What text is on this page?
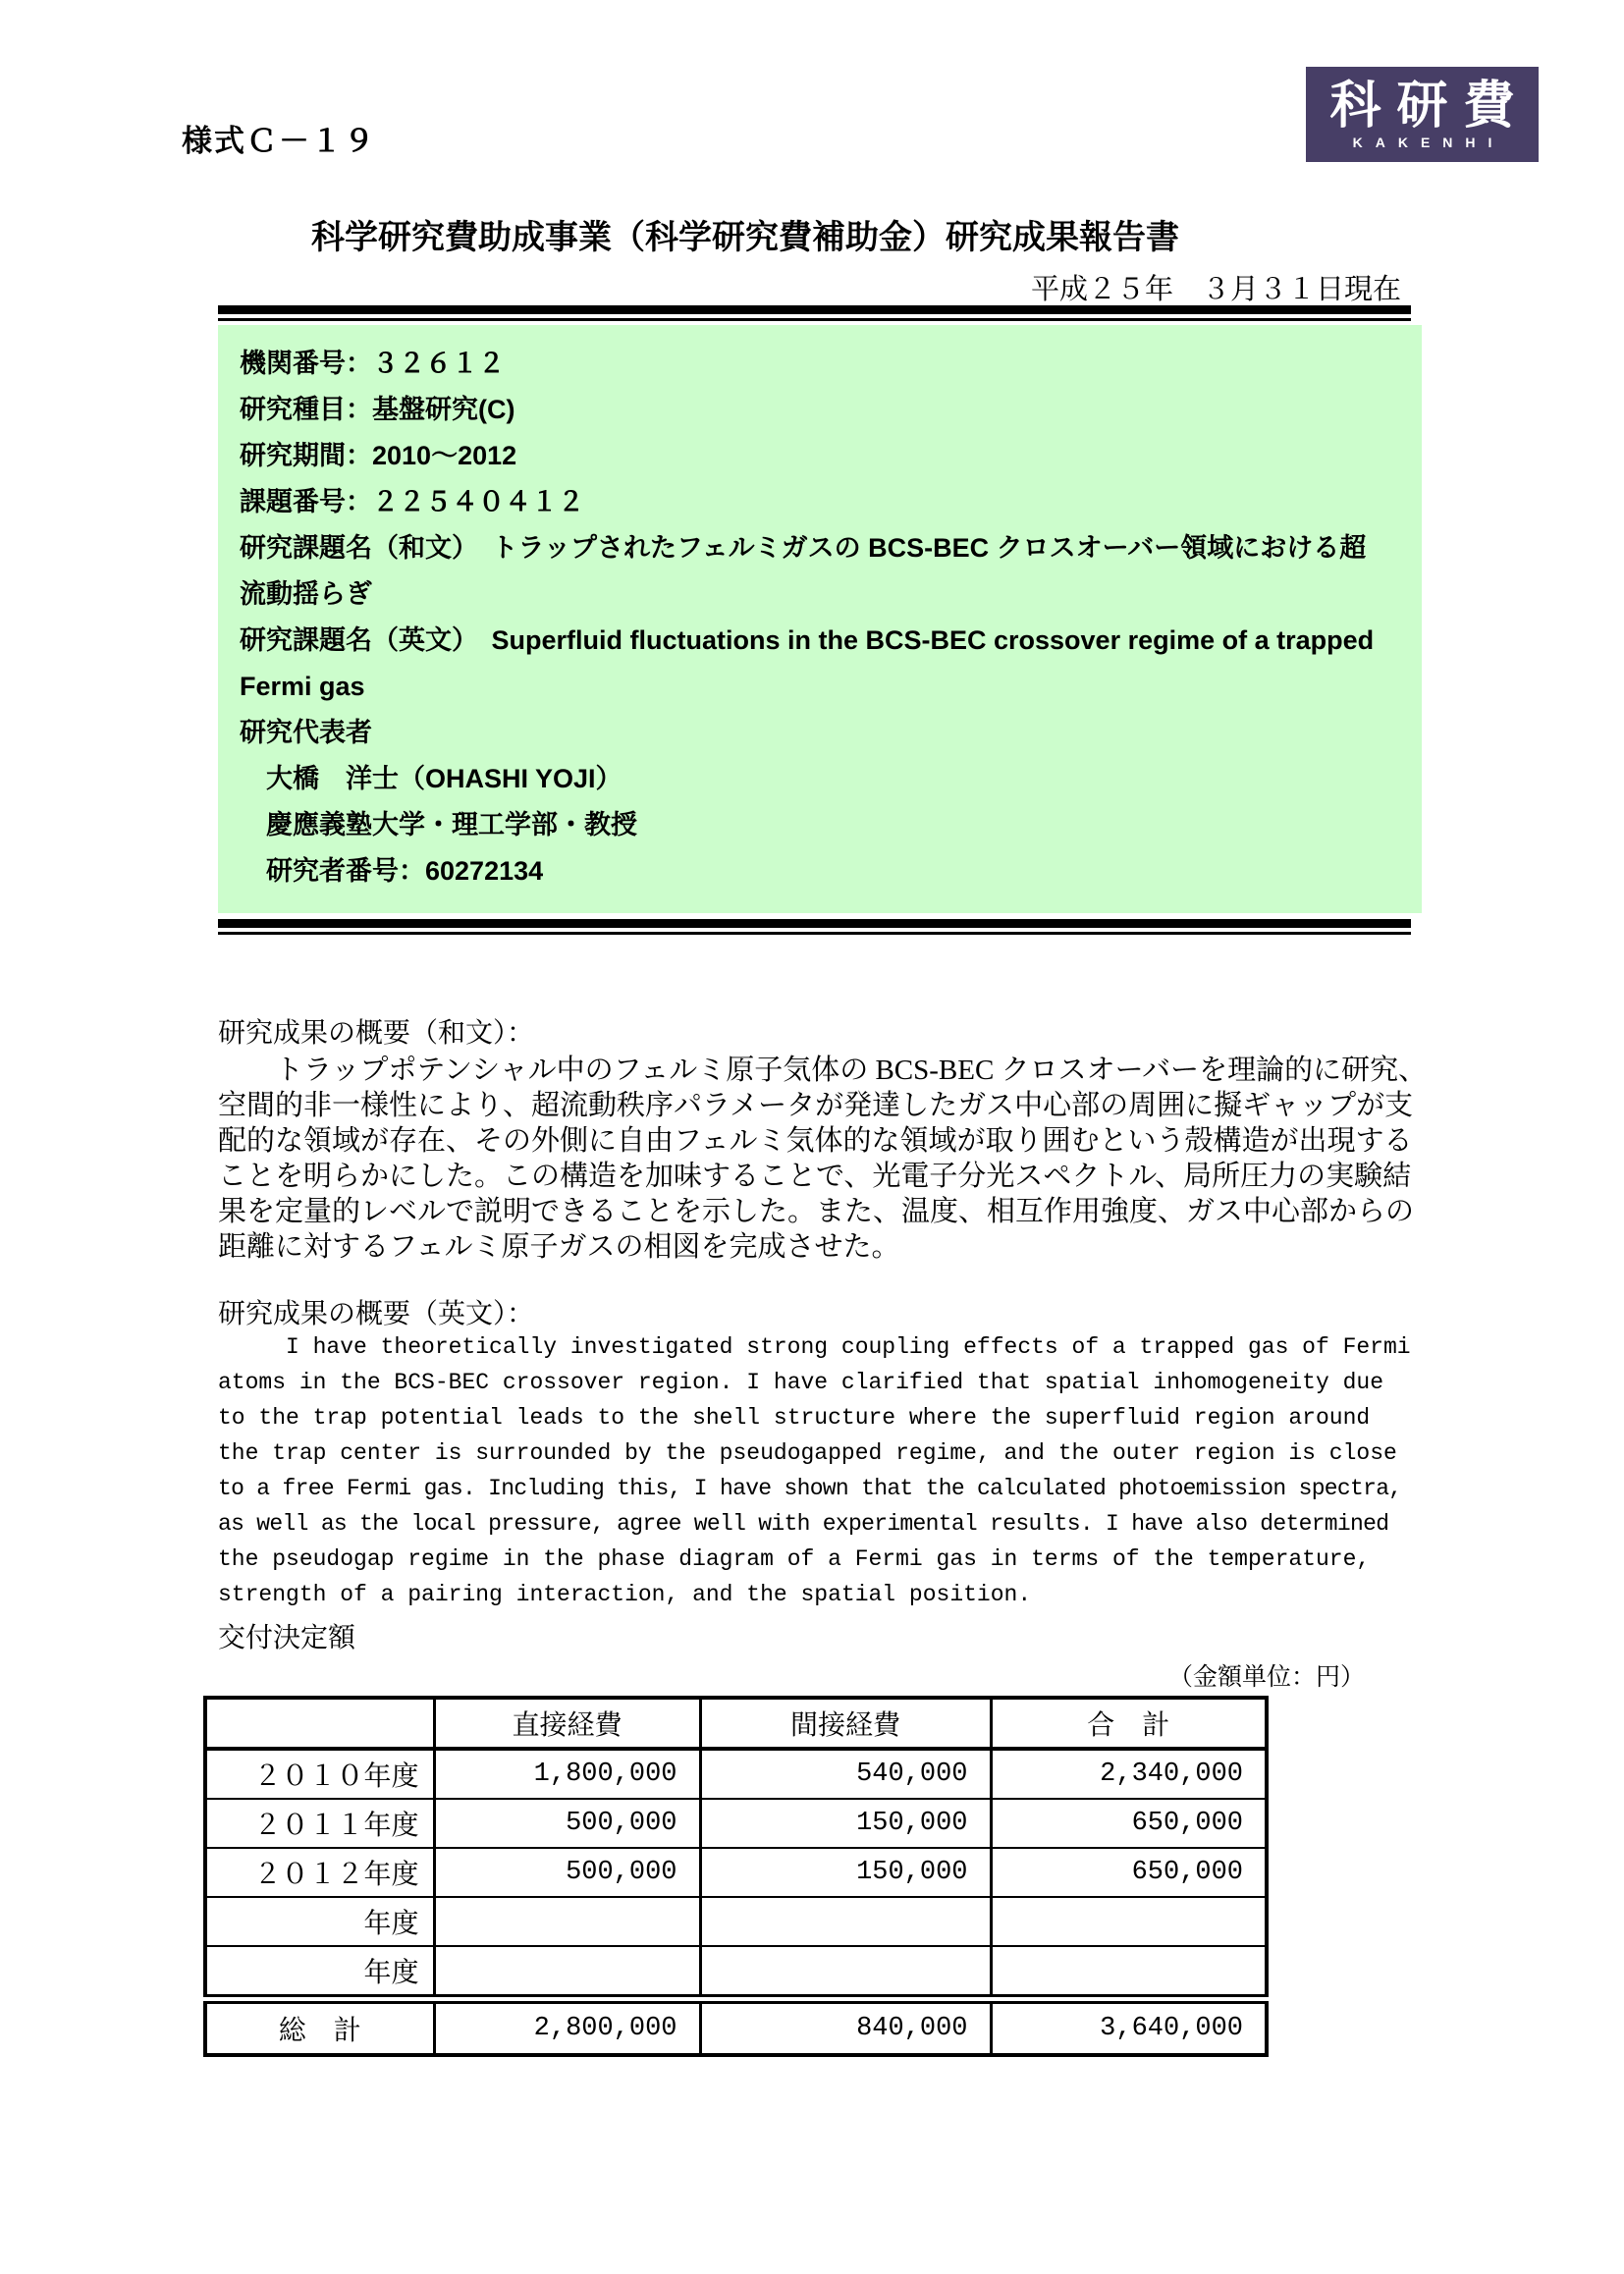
様式Ｃ－１９
科研費
KAKENHI
科学研究費助成事業（科学研究費補助金）研究成果報告書
平成２５年　３月３１日現在
機関番号：３２６１２
研究種目：基盤研究(C)
研究期間：2010～2012
課題番号：２２５４０４１２
研究課題名（和文）　トラップされたフェルミガスの BCS-BEC クロスオーバー領域における超
流動揺らぎ
研究課題名（英文）　Superfluid fluctuations in the BCS-BEC crossover regime of a trapped
Fermi gas
研究代表者
　大橋　洋士（OHASHI YOJI）
　慶應義塾大学・理工学部・教授
　研究者番号：60272134
研究成果の概要（和文）：
　　トラップポテンシャル中のフェルミ原子気体の BCS-BEC クロスオーバーを理論的に研究、
空間的非一様性により、超流動秩序パラメータが発達したガス中心部の周囲に擬ギャップが支
配的な領域が存在、その外側に自由フェルミ気体的な領域が取り囲むという殻構造が出現する
ことを明らかにした。この構造を加味することで、光電子分光スペクトル、局所圧力の実験結
果を定量的レベルで説明できることを示した。また、温度、相互作用強度、ガス中心部からの
距離に対するフェルミ原子ガスの相図を完成させた。
研究成果の概要（英文）：
　　　I have theoretically investigated strong coupling effects of a trapped gas of Fermi
atoms in the BCS-BEC crossover region. I have clarified that spatial inhomogeneity due
to the trap potential leads to the shell structure where the superfluid region around
the trap center is surrounded by the pseudogapped regime, and the outer region is close
to a free Fermi gas. Including this, I have shown that the calculated photoemission spectra,
as well as the local pressure, agree well with experimental results. I have also determined
the pseudogap regime in the phase diagram of a Fermi gas in terms of the temperature,
strength of a pairing interaction, and the spatial position.
交付決定額
（金額単位：円）
	直接経費	間接経費	合　計
２０１０年度	1,800,000	540,000	2,340,000
２０１１年度	500,000	150,000	650,000
２０１２年度	500,000	150,000	650,000
年度			
年度			
総　計	2,800,000	840,000	3,640,000
